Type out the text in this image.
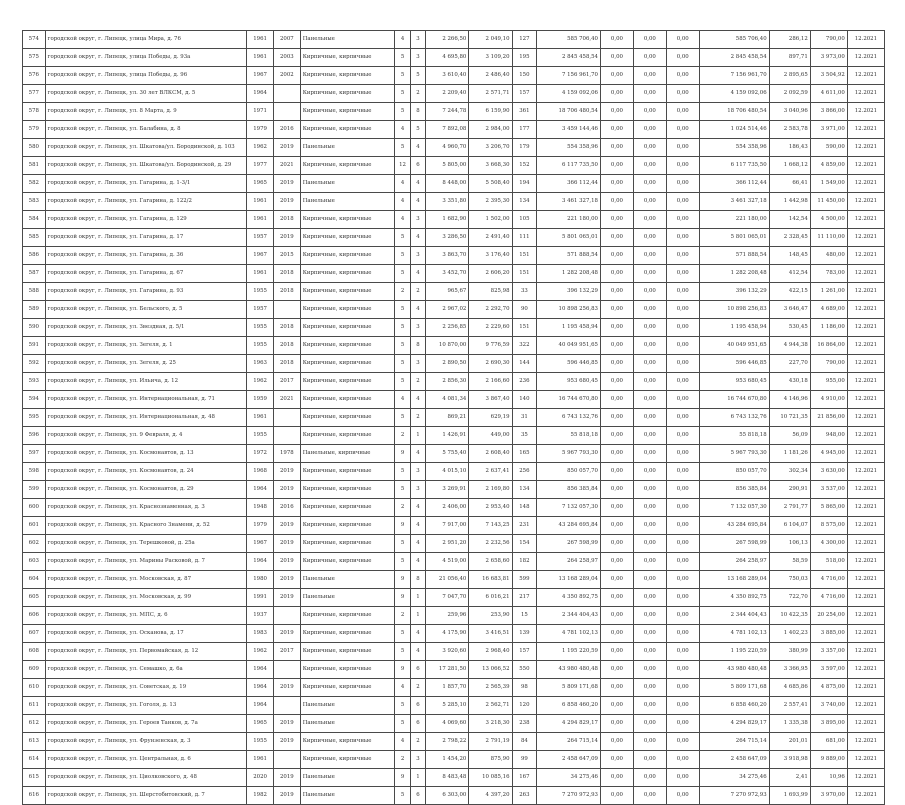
574	городской округ, г. Липецк, улица Мира, д. 76	1961	2007	Панельные	4	3	2 266,50	2 049,10	127	585 706,40	0,00	0,00	0,00	585 706,40	286,12	790,00	12.2021
575	городской округ, г. Липецк, улица Победы, д. 93а	1961	2003	Кирпичные, кирпичные	5	3	4 695,80	3 109,20	195	2 845 458,54	0,00	0,00	0,00	2 845 458,54	897,71	3 973,00	12.2021
576	городской округ, г. Липецк, улица Победы, д. 96	1967	2002	Кирпичные, кирпичные	5	5	3 610,40	2 486,40	150	7 156 961,70	0,00	0,00	0,00	7 156 961,70	2 895,65	3 504,92	12.2021
577	городской округ, г. Липецк, ул. 30 лет ВЛКСМ, д. 5	1964		Кирпичные, кирпичные	5	2	2 209,40	2 571,71	157	4 159 092,06	0,00	0,00	0,00	4 159 092,06	2 092,59	4 611,00	12.2021
578	городской округ, г. Липецк, ул. 8 Марта, д. 9	1971		Кирпичные, кирпичные	5	8	7 244,78	6 159,90	361	18 706 480,54	0,00	0,00	0,00	18 706 480,54	3 040,96	3 866,00	12.2021
579	городской округ, г. Липецк, ул. Балабина, д. 8	1979	2016	Кирпичные, кирпичные	4	5	7 892,08	2 984,00	177	3 459 144,46	0,00	0,00	0,00	1 024 514,46	2 583,78	3 971,00	12.2021
580	городской округ, г. Липецк, ул. Шкатова/ул. Бородинской, д. 103	1962	2019	Панельные	5	4	4 960,70	3 206,70	179	554 358,96	0,00	0,00	0,00	554 358,96	186,43	590,00	12.2021
581	городской округ, г. Липецк, ул. Шкатова/ул. Бородинской, д. 29	1977	2021	Кирпичные, кирпичные	12	6	5 805,00	3 668,30	152	6 117 735,50	0,00	0,00	0,00	6 117 735,50	1 668,12	4 859,00	12.2021
582	городской округ, г. Липецк, ул. Гагарина, д. 1-3/1	1965	2019	Панельные	4	4	8 448,00	5 508,40	194	366 112,44	0,00	0,00	0,00	366 112,44	66,41	1 549,00	12.2021
583	городской округ, г. Липецк, ул. Гагарина, д. 122/2	1961	2019	Панельные	4	4	3 351,80	2 395,30	134	3 461 327,18	0,00	0,00	0,00	3 461 327,18	1 442,98	11 450,00	12.2021
584	городской округ, г. Липецк, ул. Гагарина, д. 129	1961	2018	Кирпичные, кирпичные	4	3	1 682,90	1 502,00	105	221 180,00	0,00	0,00	0,00	221 180,00	142,54	4 500,00	12.2021
585	городской округ, г. Липецк, ул. Гагарина, д. 17	1957	2019	Кирпичные, кирпичные	5	4	3 286,50	2 491,40	111	5 801 065,01	0,00	0,00	0,00	5 801 065,01	2 328,45	11 110,00	12.2021
586	городской округ, г. Липецк, ул. Гагарина, д. 36	1967	2015	Кирпичные, кирпичные	5	3	3 863,70	3 176,40	151	571 888,54	0,00	0,00	0,00	571 888,54	148,45	480,00	12.2021
587	городской округ, г. Липецк, ул. Гагарина, д. 67	1961	2018	Кирпичные, кирпичные	5	4	3 452,70	2 606,20	151	1 282 208,48	0,00	0,00	0,00	1 282 208,48	412,54	783,00	12.2021
588	городской округ, г. Липецк, ул. Гагарина, д. 93	1955	2018	Кирпичные, кирпичные	2	2	965,67	825,98	33	396 132,29	0,00	0,00	0,00	396 132,29	422,15	1 261,00	12.2021
589	городской округ, г. Липецк, ул. Бельского, д. 5	1957		Кирпичные, кирпичные	5	4	2 967,02	2 292,70	90	10 898 256,83	0,00	0,00	0,00	10 898 256,83	3 646,47	4 689,00	12.2021
590	городской округ, г. Липецк, ул. Звездная, д. 5/1	1955	2018	Кирпичные, кирпичные	5	3	2 256,85	2 229,60	151	1 195 458,94	0,00	0,00	0,00	1 195 458,94	530,45	1 186,00	12.2021
591	городской округ, г. Липецк, ул. Зегеля, д. 1	1955	2018	Кирпичные, кирпичные	5	8	10 870,00	9 776,59	322	40 049 951,65	0,00	0,00	0,00	40 049 951,65	4 944,38	16 864,00	12.2021
592	городской округ, г. Липецк, ул. Зегеля, д. 25	1963	2018	Кирпичные, кирпичные	5	3	2 890,50	2 690,30	144	596 446,85	0,00	0,00	0,00	596 446,85	227,70	790,00	12.2021
593	городской округ, г. Липецк, ул. Ильича, д. 12	1962	2017	Кирпичные, кирпичные	5	2	2 856,30	2 166,60	236	953 680,45	0,00	0,00	0,00	953 680,45	430,18	955,00	12.2021
594	городской округ, г. Липецк, ул. Интернациональная, д. 71	1959	2021	Кирпичные, кирпичные	4	4	4 081,34	3 867,40	140	16 744 670,80	0,00	0,00	0,00	16 744 670,80	4 146,96	4 910,00	12.2021
595	городской округ, г. Липецк, ул. Интернациональная, д. 48	1961		Кирпичные, кирпичные	5	2	869,21	629,19	31	6 743 132,76	0,00	0,00	0,00	6 743 132,76	10 721,35	21 856,00	12.2021
596	городской округ, г. Липецк, ул. 9 Февраля, д. 4	1955		Кирпичные, кирпичные	2	1	1 426,91	449,00	35	55 818,18	0,00	0,00	0,00	55 818,18	56,09	948,00	12.2021
597	городской округ, г. Липецк, ул. Космонавтов, д. 13	1972	1978	Панельные, кирпичные	9	4	5 755,40	2 608,40	165	5 967 793,30	0,00	0,00	0,00	5 967 793,30	1 181,26	4 945,00	12.2021
598	городской округ, г. Липецк, ул. Космонавтов, д. 24	1968	2019	Кирпичные, кирпичные	5	3	4 015,10	2 637,41	256	850 057,70	0,00	0,00	0,00	850 057,70	302,34	3 630,00	12.2021
599	городской округ, г. Липецк, ул. Космонавтов, д. 29	1964	2019	Кирпичные, кирпичные	5	3	3 269,91	2 169,80	134	856 385,84	0,00	0,00	0,00	856 385,84	290,91	3 537,00	12.2021
600	городской округ, г. Липецк, ул. Краснознаменная, д. 3	1948	2016	Кирпичные, кирпичные	2	4	2 406,00	2 953,40	148	7 132 057,30	0,00	0,00	0,00	7 132 057,30	2 791,77	5 865,00	12.2021
601	городской округ, г. Липецк, ул. Красного Знамени, д. 52	1979	2019	Кирпичные, кирпичные	9	4	7 917,00	7 143,25	231	43 284 695,84	0,00	0,00	0,00	43 284 695,84	6 104,07	8 575,00	12.2021
602	городской округ, г. Липецк, ул. Терешковой, д. 25а	1967	2019	Кирпичные, кирпичные	5	4	2 951,20	2 232,56	154	267 598,99	0,00	0,00	0,00	267 598,99	106,13	4 300,00	12.2021
603	городской округ, г. Липецк, ул. Марины Расковой, д. 7	1964	2019	Кирпичные, кирпичные	5	4	4 519,00	2 658,60	182	264 258,97	0,00	0,00	0,00	264 258,97	58,59	518,00	12.2021
604	городской округ, г. Липецк, ул. Московская, д. 87	1980	2019	Панельные	9	8	21 056,40	16 683,81	599	13 168 289,04	0,00	0,00	0,00	13 168 289,04	750,03	4 716,00	12.2021
605	городской округ, г. Липецк, ул. Московская, д. 99	1991	2019	Панельные	9	1	7 047,70	6 016,21	217	4 350 892,75	0,00	0,00	0,00	4 350 892,75	722,70	4 716,00	12.2021
606	городской округ, г. Липецк, ул. МПС, д. 6	1937		Кирпичные, кирпичные	2	1	259,96	253,90	15	2 344 404,43	0,00	0,00	0,00	2 344 404,43	10 422,35	20 254,00	12.2021
607	городской округ, г. Липецк, ул. Осканова, д. 17	1983	2019	Кирпичные, кирпичные	5	4	4 175,90	3 416,51	139	4 781 102,13	0,00	0,00	0,00	4 781 102,13	1 402,23	3 885,00	12.2021
608	городской округ, г. Липецк, ул. Первомайская, д. 12	1962	2017	Кирпичные, кирпичные	5	4	3 920,60	2 968,40	157	1 195 220,59	0,00	0,00	0,00	1 195 220,59	380,99	3 357,00	12.2021
609	городской округ, г. Липецк, ул. Семашко, д. 6а	1964		Кирпичные, кирпичные	9	6	17 281,50	13 066,52	550	43 980 480,48	0,00	0,00	0,00	43 980 480,48	3 366,95	3 597,00	12.2021
610	городской округ, г. Липецк, ул. Советская, д. 19	1964	2019	Кирпичные, кирпичные	4	2	1 857,70	2 565,39	98	5 809 171,68	0,00	0,00	0,00	5 809 171,68	4 685,86	4 875,00	12.2021
611	городской округ, г. Липецк, ул. Гоголя, д. 13	1964		Панельные	5	6	5 285,10	2 562,71	120	6 858 460,20	0,00	0,00	0,00	6 858 460,20	2 557,41	3 740,00	12.2021
612	городской округ, г. Липецк, ул. Героев Танков, д. 7а	1965	2019	Панельные	5	6	4 069,60	3 218,30	238	4 294 829,17	0,00	0,00	0,00	4 294 829,17	1 335,38	3 895,00	12.2021
613	городской округ, г. Липецк, ул. Фрунзенская, д. 3	1955	2019	Кирпичные, кирпичные	4	2	2 798,22	2 791,19	84	264 715,14	0,00	0,00	0,00	264 715,14	201,01	681,00	12.2021
614	городской округ, г. Липецк, ул. Центральная, д. 6	1961		Кирпичные, кирпичные	2	3	1 454,20	875,90	99	2 458 647,09	0,00	0,00	0,00	2 458 647,09	3 918,98	9 889,00	12.2021
615	городской округ, г. Липецк, ул. Циолковского, д. 48	2020	2019	Панельные	9	1	8 483,48	10 085,16	167	34 275,46	0,00	0,00	0,00	34 275,46	2,41	10,96	12.2021
616	городской округ, г. Липецк, ул. Шерстобитовский, д. 7	1982	2019	Панельные	5	6	6 303,00	4 397,20	263	7 270 972,93	0,00	0,00	0,00	7 270 972,93	1 693,99	3 970,00	12.2021
